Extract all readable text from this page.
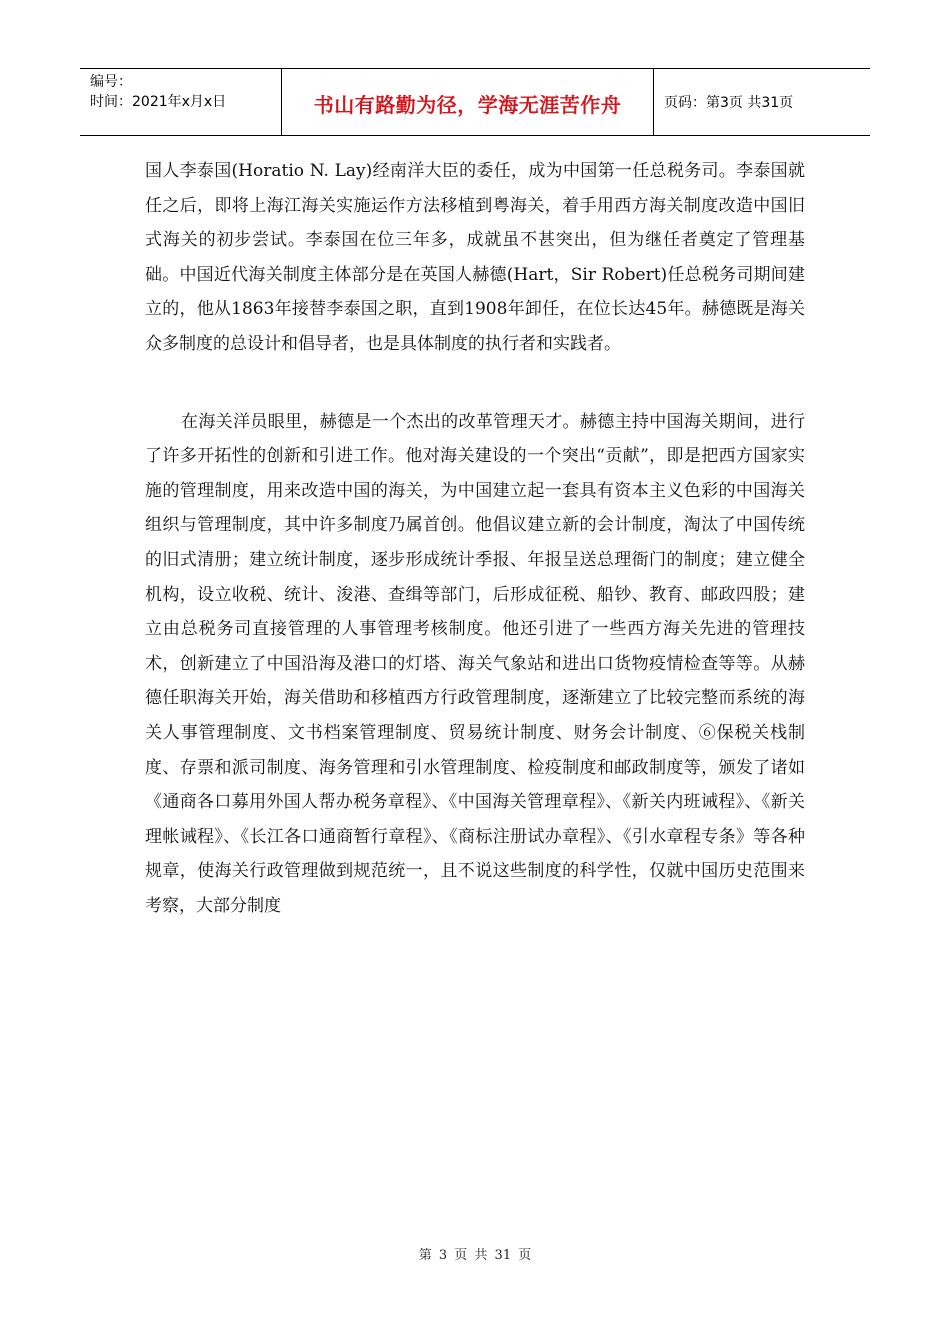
编号：
时间：2021年x月x日	书山有路勤为径，学海无涯苦作舟	页码：第3页 共31页

国人李泰国(Horatio N. Lay)经南洋大臣的委任，成为中国第一任总税务司。李泰国就任之后，即将上海江海关实施运作方法移植到粤海关，着手用西方海关制度改造中国旧式海关的初步尝试。李泰国在位三年多，成就虽不甚突出，但为继任者奠定了管理基础。中国近代海关制度主体部分是在英国人赫德(Hart，Sir Robert)任总税务司期间建立的，他从1863年接替李泰国之职，直到1908年卸任，在位长达45年。赫德既是海关众多制度的总设计和倡导者，也是具体制度的执行者和实践者。

在海关洋员眼里，赫德是一个杰出的改革管理天才。赫德主持中国海关期间，进行了许多开拓性的创新和引进工作。他对海关建设的一个突出“贡献”，即是把西方国家实施的管理制度，用来改造中国的海关，为中国建立起一套具有资本主义色彩的中国海关组织与管理制度，其中许多制度乃属首创。他倡议建立新的会计制度，淘汰了中国传统的旧式清册；建立统计制度，逐步形成统计季报、年报呈送总理衙门的制度；建立健全机构，设立收税、统计、浚港、查缉等部门，后形成征税、船钞、教育、邮政四股；建立由总税务司直接管理的人事管理考核制度。他还引进了一些西方海关先进的管理技术，创新建立了中国沿海及港口的灯塔、海关气象站和进出口货物疫情检查等等。从赫德任职海关开始，海关借助和移植西方行政管理制度，逐渐建立了比较完整而系统的海关人事管理制度、文书档案管理制度、贸易统计制度、财务会计制度、⑥保税关栈制度、存票和派司制度、海务管理和引水管理制度、检疫制度和邮政制度等，颁发了诸如《通商各口募用外国人帮办税务章程》、《中国海关管理章程》、《新关内班诫程》、《新关理帐诫程》、《长江各口通商暂行章程》、《商标注册试办章程》、《引水章程专条》等各种规章，使海关行政管理做到规范统一，且不说这些制度的科学性，仅就中国历史范围来考察，大部分制度

第 3 页 共 31 页
